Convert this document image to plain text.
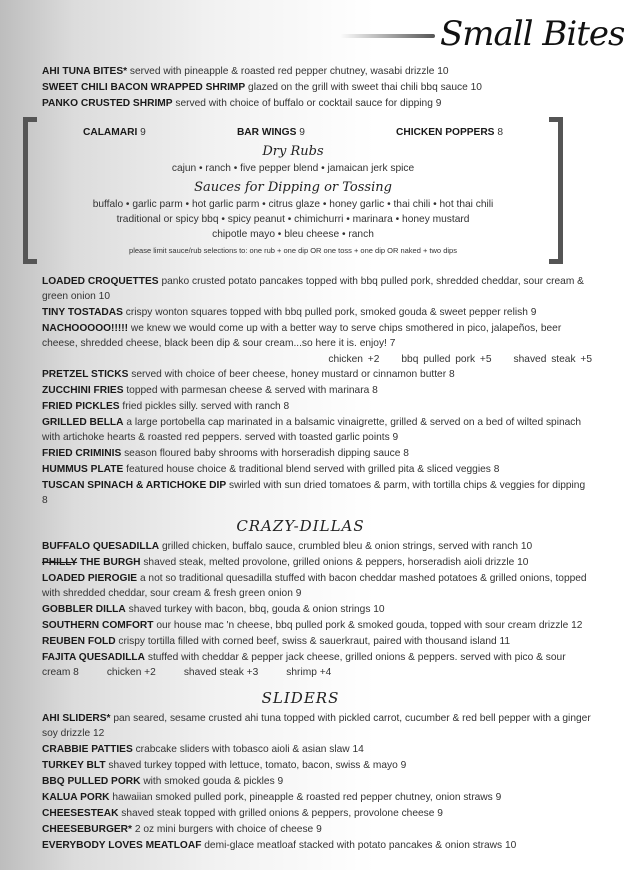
Small Bites
AHI TUNA BITES* served with pineapple & roasted red pepper chutney, wasabi drizzle 10
SWEET CHILI BACON WRAPPED SHRIMP glazed on the grill with sweet thai chili bbq sauce 10
PANKO CRUSTED SHRIMP served with choice of buffalo or cocktail sauce for dipping 9
CALAMARI 9	BAR WINGS 9	CHICKEN POPPERS 8
Dry Rubs
cajun • ranch • five pepper blend • jamaican jerk spice
Sauces for Dipping or Tossing
buffalo • garlic parm • hot garlic parm • citrus glaze • honey garlic • thai chili • hot thai chili
traditional or spicy bbq • spicy peanut • chimichurri • marinara • honey mustard
chipotle mayo • bleu cheese • ranch
please limit sauce/rub selections to: one rub + one dip OR one toss + one dip OR naked + two dips
LOADED CROQUETTES panko crusted potato pancakes topped with bbq pulled pork, shredded cheddar, sour cream & green onion 10
TINY TOSTADAS crispy wonton squares topped with bbq pulled pork, smoked gouda & sweet pepper relish 9
NACHOOOOO!!!!! we knew we would come up with a better way to serve chips smothered in pico, jalapeños, beer cheese, shredded cheese, black been dip & sour cream...so here it is. enjoy! 7
chicken +2 bbq pulled pork +5 shaved steak +5
PRETZEL STICKS served with choice of beer cheese, honey mustard or cinnamon butter 8
ZUCCHINI FRIES topped with parmesan cheese & served with marinara 8
FRIED PICKLES fried pickles silly. served with ranch 8
GRILLED BELLA a large portobella cap marinated in a balsamic vinaigrette, grilled & served on a bed of wilted spinach with artichoke hearts & roasted red peppers. served with toasted garlic points 9
FRIED CRIMINIS season floured baby shrooms with horseradish dipping sauce 8
HUMMUS PLATE featured house choice & traditional blend served with grilled pita & sliced veggies 8
TUSCAN SPINACH & ARTICHOKE DIP swirled with sun dried tomatoes & parm, with tortilla chips & veggies for dipping 8
CRAZY-DILLAS
BUFFALO QUESADILLA grilled chicken, buffalo sauce, crumbled bleu & onion strings, served with ranch 10
PHILLY THE BURGH shaved steak, melted provolone, grilled onions & peppers, horseradish aioli drizzle 10
LOADED PIEROGIE a not so traditional quesadilla stuffed with bacon cheddar mashed potatoes & grilled onions, topped with shredded cheddar, sour cream & fresh green onion 9
GOBBLER DILLA shaved turkey with bacon, bbq, gouda & onion strings 10
SOUTHERN COMFORT our house mac 'n cheese, bbq pulled pork & smoked gouda, topped with sour cream drizzle 12
REUBEN FOLD crispy tortilla filled with corned beef, swiss & sauerkraut, paired with thousand island 11
FAJITA QUESADILLA stuffed with cheddar & pepper jack cheese, grilled onions & peppers. served with pico & sour cream 8	chicken +2	shaved steak +3	shrimp +4
SLIDERS
AHI SLIDERS* pan seared, sesame crusted ahi tuna topped with pickled carrot, cucumber & red bell pepper with a ginger soy drizzle 12
CRABBIE PATTIES crabcake sliders with tobasco aioli & asian slaw 14
TURKEY BLT shaved turkey topped with lettuce, tomato, bacon, swiss & mayo 9
BBQ PULLED PORK with smoked gouda & pickles 9
KALUA PORK hawaiian smoked pulled pork, pineapple & roasted red pepper chutney, onion straws 9
CHEESESTEAK shaved steak topped with grilled onions & peppers, provolone cheese 9
CHEESEBURGER* 2 oz mini burgers with choice of cheese 9
EVERYBODY LOVES MEATLOAF demi-glace meatloaf stacked with potato pancakes & onion straws 10
